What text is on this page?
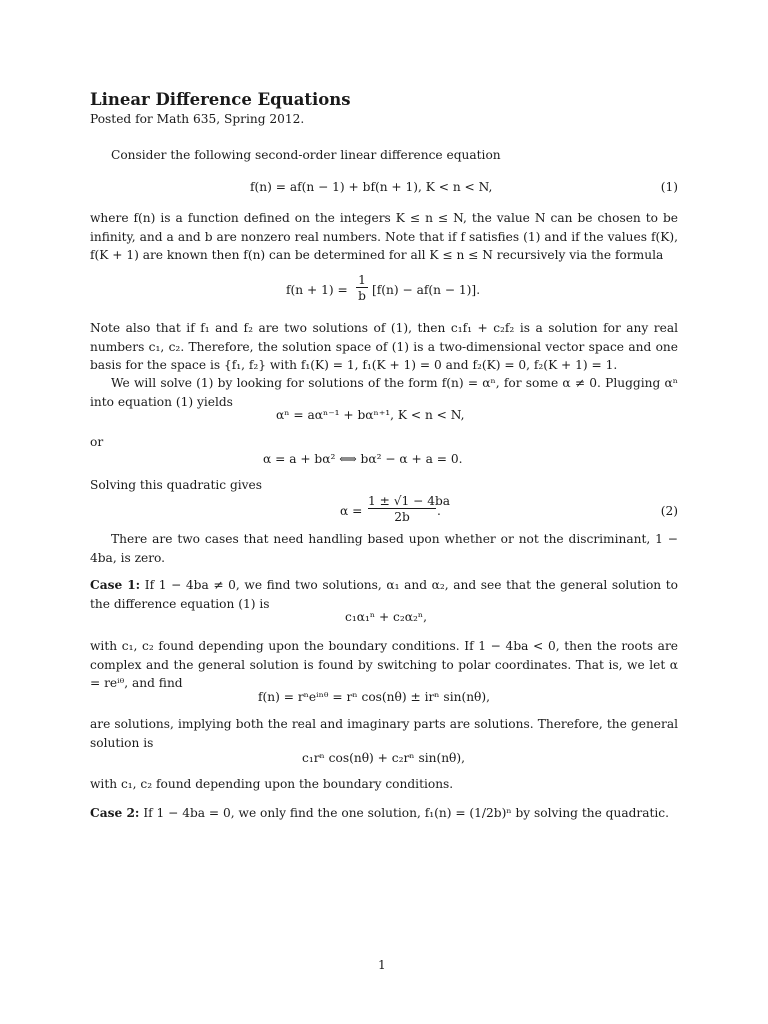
Linear Difference Equations
Posted for Math 635, Spring 2012.
Consider the following second-order linear difference equation
f(n) = af(n − 1) + bf(n + 1), K < n < N,	(1)
where f(n) is a function defined on the integers K ≤ n ≤ N, the value N can be chosen to be infinity, and a and b are nonzero real numbers. Note that if f satisfies (1) and if the values f(K), f(K + 1) are known then f(n) can be determined for all K ≤ n ≤ N recursively via the formula
f(n + 1) =
1
b [f(n) − af(n − 1)].
Note also that if f₁ and f₂ are two solutions of (1), then c₁f₁ + c₂f₂ is a solution for any real numbers c₁, c₂. Therefore, the solution space of (1) is a two-dimensional vector space and one basis for the space is {f₁, f₂} with f₁(K) = 1, f₁(K + 1) = 0 and f₂(K) = 0, f₂(K + 1) = 1.
We will solve (1) by looking for solutions of the form f(n) = αⁿ, for some α ≠ 0. Plugging αⁿ into equation (1) yields
αⁿ = aαⁿ⁻¹ + bαⁿ⁺¹, K < n < N,
or
α = a + bα² ⟺ bα² − α + a = 0.
Solving this quadratic gives
α =
1 ± √1 − 4ba
2b	.	(2)
There are two cases that need handling based upon whether or not the discriminant, 1 − 4ba, is zero.
Case 1: If 1 − 4ba ≠ 0, we find two solutions, α₁ and α₂, and see that the general solution to the difference equation (1) is
c₁α₁ⁿ + c₂α₂ⁿ,
with c₁, c₂ found depending upon the boundary conditions. If 1 − 4ba < 0, then the roots are complex and the general solution is found by switching to polar coordinates. That is, we let α = reⁱᶿ, and find
f(n) = rⁿeⁱⁿᶿ = rⁿ cos(nθ) ± irⁿ sin(nθ),
are solutions, implying both the real and imaginary parts are solutions. Therefore, the general solution is
c₁rⁿ cos(nθ) + c₂rⁿ sin(nθ),
with c₁, c₂ found depending upon the boundary conditions.
Case 2: If 1 − 4ba = 0, we only find the one solution, f₁(n) = (1/2b)ⁿ by solving the quadratic.
1
